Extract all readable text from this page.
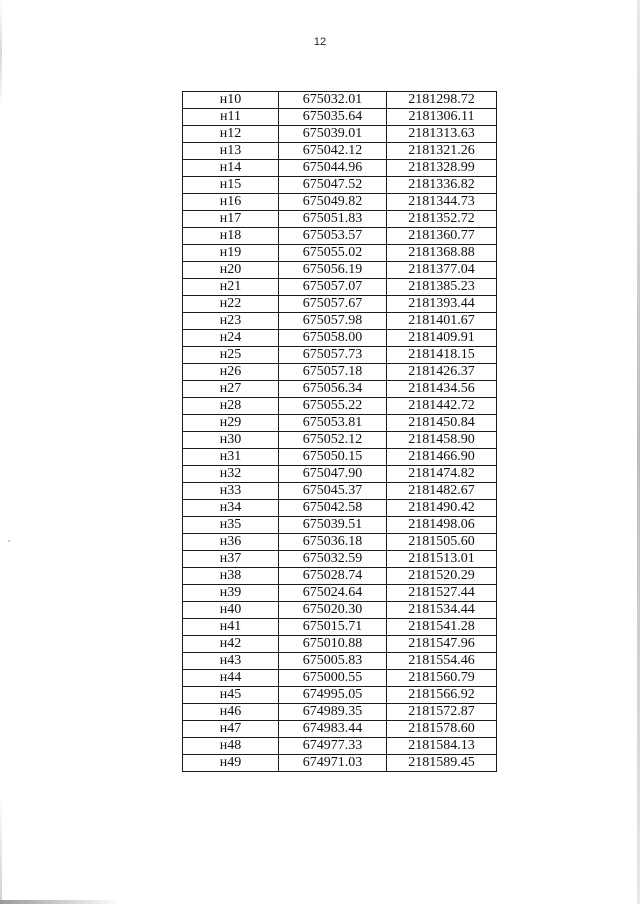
12
н10	675032.01	2181298.72
н11	675035.64	2181306.11
н12	675039.01	2181313.63
н13	675042.12	2181321.26
н14	675044.96	2181328.99
н15	675047.52	2181336.82
н16	675049.82	2181344.73
н17	675051.83	2181352.72
н18	675053.57	2181360.77
н19	675055.02	2181368.88
н20	675056.19	2181377.04
н21	675057.07	2181385.23
н22	675057.67	2181393.44
н23	675057.98	2181401.67
н24	675058.00	2181409.91
н25	675057.73	2181418.15
н26	675057.18	2181426.37
н27	675056.34	2181434.56
н28	675055.22	2181442.72
н29	675053.81	2181450.84
н30	675052.12	2181458.90
н31	675050.15	2181466.90
н32	675047.90	2181474.82
н33	675045.37	2181482.67
н34	675042.58	2181490.42
н35	675039.51	2181498.06
н36	675036.18	2181505.60
н37	675032.59	2181513.01
н38	675028.74	2181520.29
н39	675024.64	2181527.44
н40	675020.30	2181534.44
н41	675015.71	2181541.28
н42	675010.88	2181547.96
н43	675005.83	2181554.46
н44	675000.55	2181560.79
н45	674995.05	2181566.92
н46	674989.35	2181572.87
н47	674983.44	2181578.60
н48	674977.33	2181584.13
н49	674971.03	2181589.45
